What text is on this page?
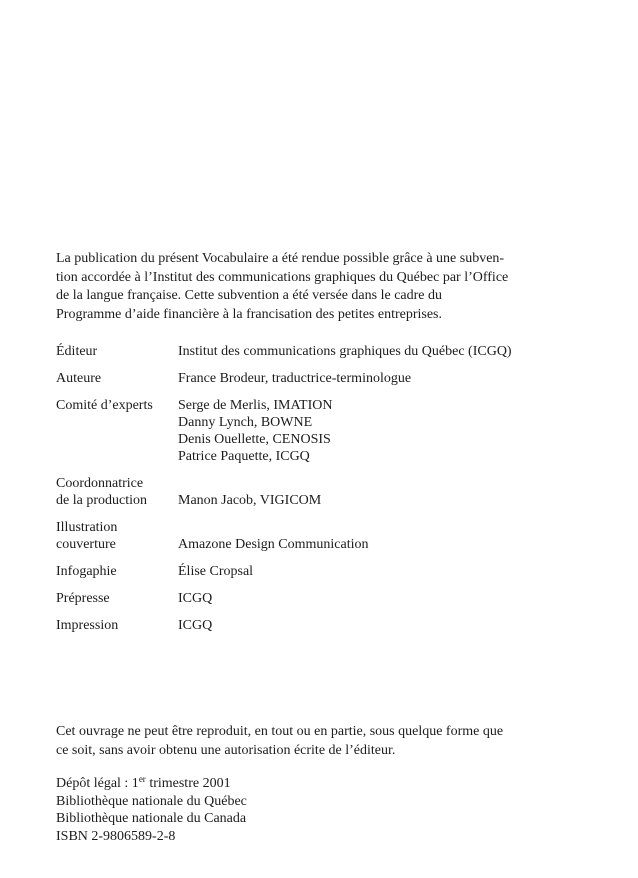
La publication du présent Vocabulaire a été rendue possible grâce à une subven-
tion accordée à l’Institut des communications graphiques du Québec par l’Office
de la langue française. Cette subvention a été versée dans le cadre du
Programme d’aide financière à la francisation des petites entreprises.

Éditeur	Institut des communications graphiques du Québec (ICGQ)
Auteure	France Brodeur, traductrice-terminologue
Comité d’experts	Serge de Merlis, IMATION
Danny Lynch, BOWNE
Denis Ouellette, CENOSIS
Patrice Paquette, ICGQ
Coordonnatrice
de la production	Manon Jacob, VIGICOM
Illustration
couverture	Amazone Design Communication
Infogaphie	Élise Cropsal
Prépresse	ICGQ
Impression	ICGQ

Cet ouvrage ne peut être reproduit, en tout ou en partie, sous quelque forme que
ce soit, sans avoir obtenu une autorisation écrite de l’éditeur.

Dépôt légal : 1er trimestre 2001
Bibliothèque nationale du Québec
Bibliothèque nationale du Canada
ISBN 2-9806589-2-8
